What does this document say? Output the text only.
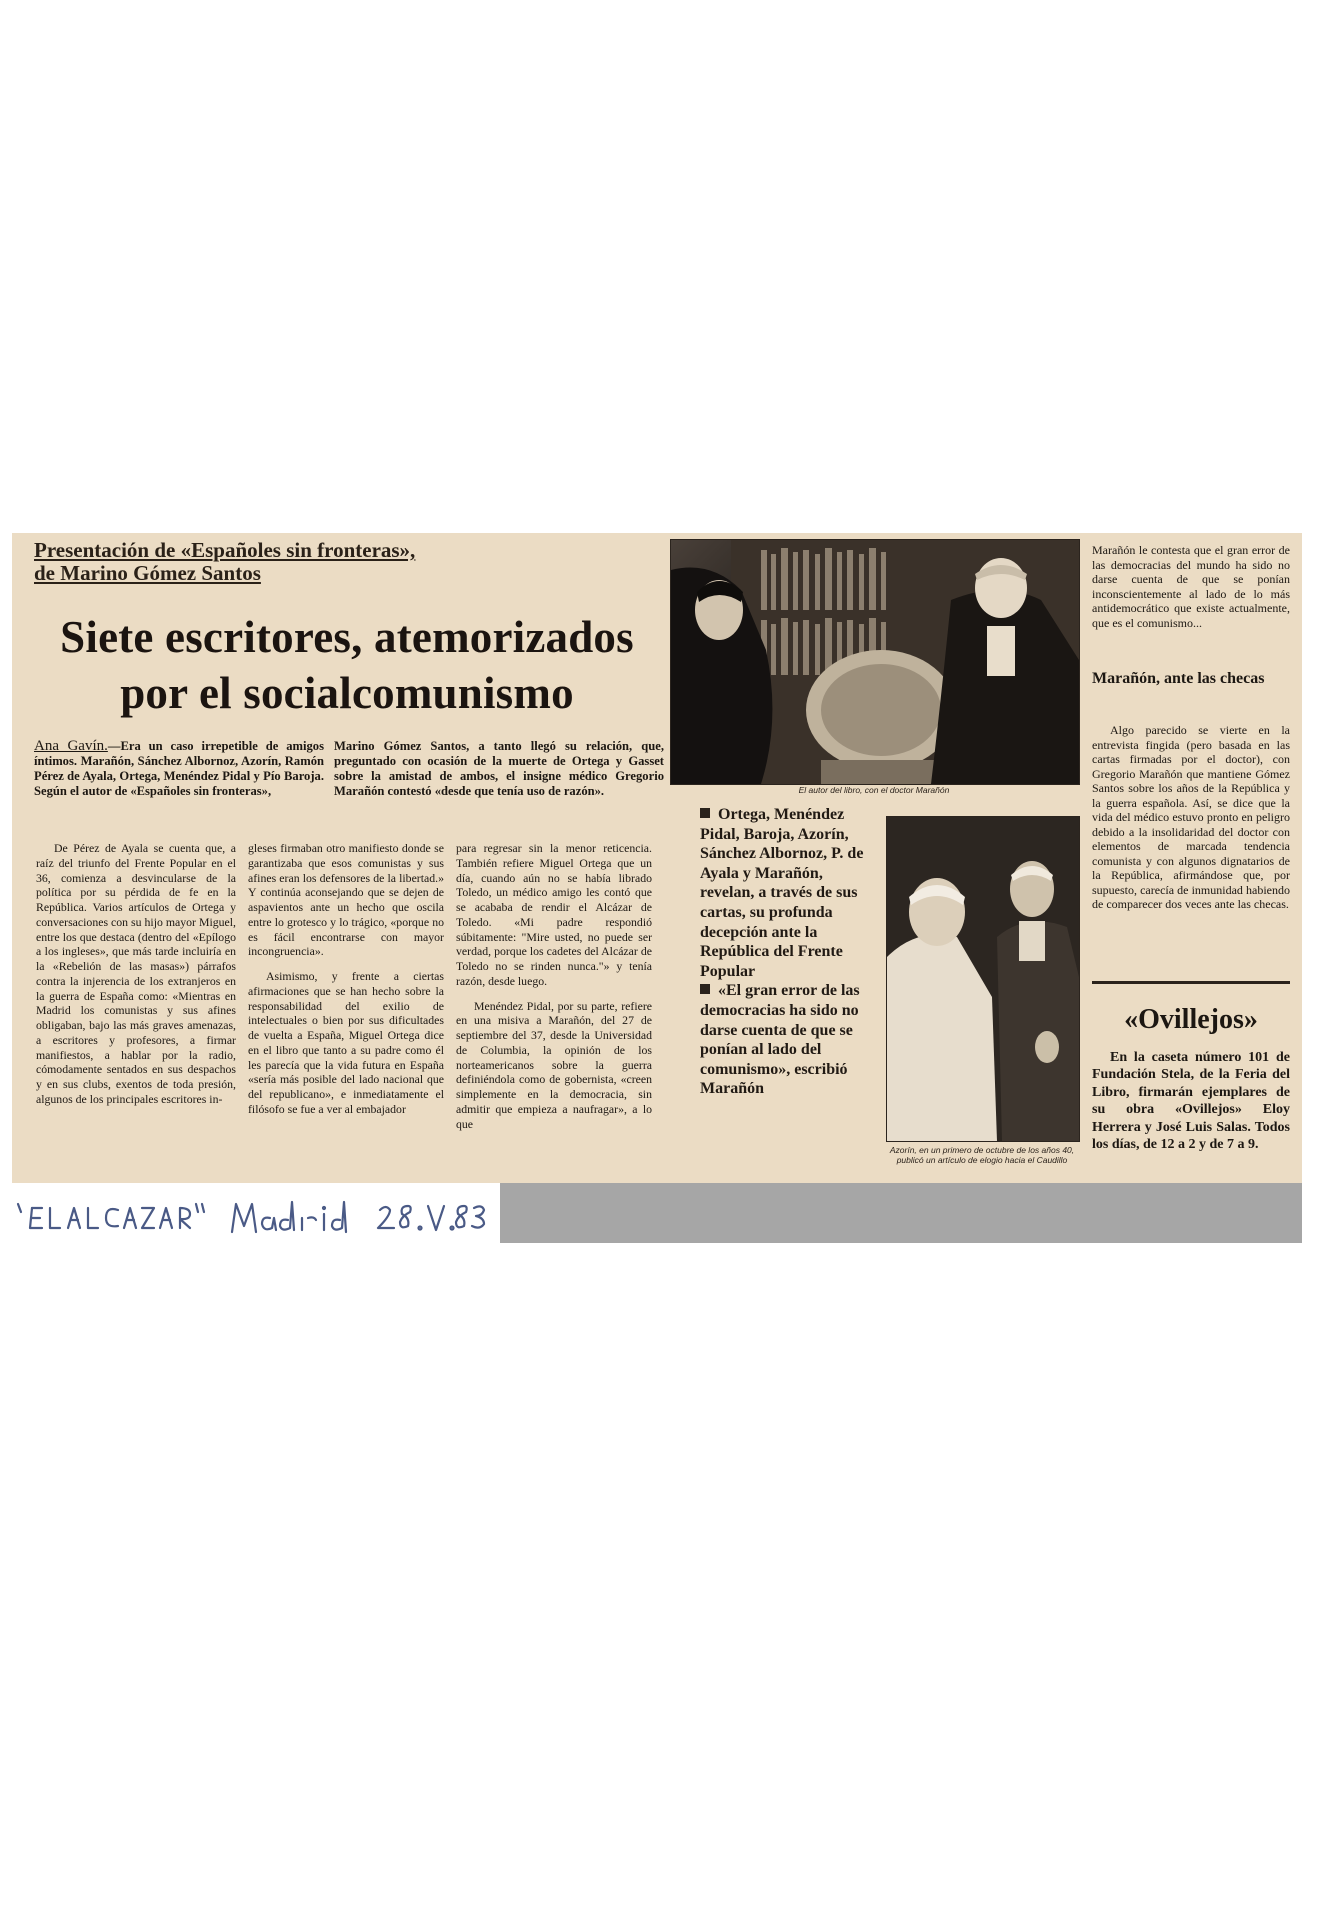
Presentación de «Españoles sin fronteras»,
de Marino Gómez Santos
Siete escritores, atemorizados
por el socialcomunismo
Ana Gavín.—Era un caso irrepetible de amigos íntimos. Marañón, Sánchez Albornoz, Azorín, Ramón Pérez de Ayala, Ortega, Menéndez Pidal y Pío Baroja. Según el autor de «Españoles sin fronteras»,
Marino Gómez Santos, a tanto llegó su relación, que, preguntado con ocasión de la muerte de Ortega y Gasset sobre la amistad de ambos, el insigne médico Gregorio Marañón contestó «desde que tenía uso de razón».

De Pérez de Ayala se cuenta que, a raíz del triunfo del Frente Popular en el 36, comienza a desvincularse de la política por su pérdida de fe en la República. Varios artículos de Ortega y conversaciones con su hijo mayor Miguel, entre los que destaca (dentro del «Epílogo a los ingleses», que más tarde incluiría en la «Rebelión de las masas») párrafos contra la injerencia de los extranjeros en la guerra de España como: «Mientras en Madrid los comunistas y sus afines obligaban, bajo las más graves amenazas, a escritores y profesores, a firmar manifiestos, a hablar por la radio, cómodamente sentados en sus despachos y en sus clubs, exentos de toda presión, algunos de los principales escritores in-

gleses firmaban otro manifiesto donde se garantizaba que esos comunistas y sus afines eran los defensores de la libertad.» Y continúa aconsejando que se dejen de aspavientos ante un hecho que oscila entre lo grotesco y lo trágico, «porque no es fácil encontrarse con mayor incongruencia».

Asimismo, y frente a ciertas afirmaciones que se han hecho sobre la responsabilidad del exilio de intelectuales o bien por sus dificultades de vuelta a España, Miguel Ortega dice en el libro que tanto a su padre como él les parecía que la vida futura en España «sería más posible del lado nacional que del republicano», e inmediatamente el filósofo se fue a ver al embajador

para regresar sin la menor reticencia. También refiere Miguel Ortega que un día, cuando aún no se había librado Toledo, un médico amigo les contó que se acababa de rendir el Alcázar de Toledo. «Mi padre respondió súbitamente: "Mire usted, no puede ser verdad, porque los cadetes del Alcázar de Toledo no se rinden nunca."» y tenía razón, desde luego.

Menéndez Pidal, por su parte, refiere en una misiva a Marañón, del 27 de septiembre del 37, desde la Universidad de Columbia, la opinión de los norteamericanos sobre la guerra definiéndola como de gobernista, «creen simplemente en la democracia, sin admitir que empieza a naufragar», a lo que

El autor del libro, con el doctor Marañón
Ortega, Menéndez Pidal, Baroja, Azorín, Sánchez Albornoz, P. de Ayala y Marañón, revelan, a través de sus cartas, su profunda decepción ante la República del Frente Popular
«El gran error de las democracias ha sido no darse cuenta de que se ponían al lado del comunismo», escribió Marañón
Azorín, en un primero de octubre de los años 40, publicó un artículo de elogio hacia el Caudillo

Marañón le contesta que el gran error de las democracias del mundo ha sido no darse cuenta de que se ponían inconscientemente al lado de lo más antidemocrático que existe actualmente, que es el comunismo...

Marañón, ante las checas

Algo parecido se vierte en la entrevista fingida (pero basada en las cartas firmadas por el doctor), con Gregorio Marañón que mantiene Gómez Santos sobre los años de la República y la guerra española. Así, se dice que la vida del médico estuvo pronto en peligro debido a la insolidaridad del doctor con elementos de marcada tendencia comunista y con algunos dignatarios de la República, afirmándose que, por supuesto, carecía de inmunidad habiendo de comparecer dos veces ante las checas.

«Ovillejos»

En la caseta número 101 de Fundación Stela, de la Feria del Libro, firmarán ejemplares de su obra «Ovillejos» Eloy Herrera y José Luis Salas. Todos los días, de 12 a 2 y de 7 a 9.
